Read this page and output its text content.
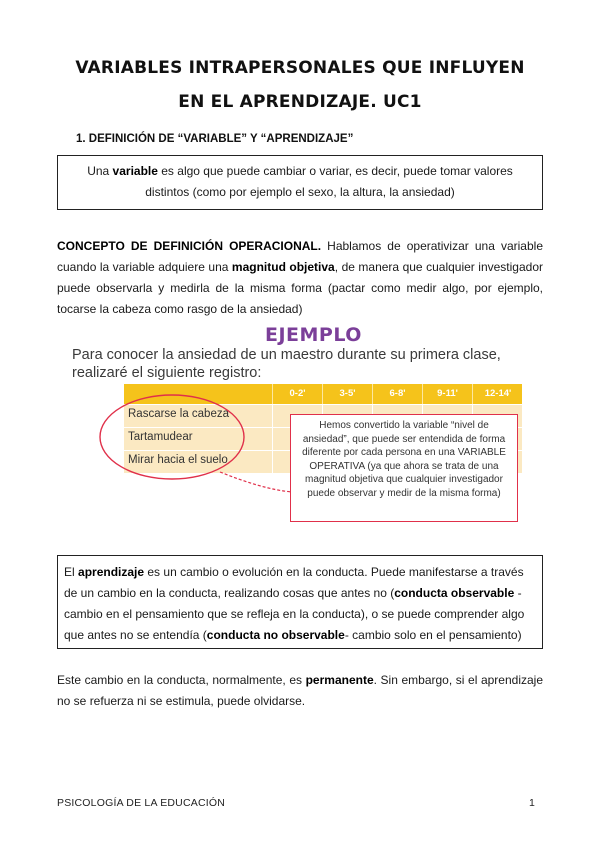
VARIABLES INTRAPERSONALES QUE INFLUYEN
EN EL APRENDIZAJE. UC1
1. DEFINICIÓN DE “VARIABLE” Y “APRENDIZAJE”
Una variable es algo que puede cambiar o variar, es decir, puede tomar valores distintos (como por ejemplo el sexo, la altura, la ansiedad)
CONCEPTO DE DEFINICIÓN OPERACIONAL. Hablamos de operativizar una variable cuando la variable adquiere una magnitud objetiva, de manera que cualquier investigador puede observarla y medirla de la misma forma (pactar como medir algo, por ejemplo, tocarse la cabeza como rasgo de la ansiedad)
EJEMPLO
Para conocer la ansiedad de un maestro durante su primera clase, realizaré el siguiente registro:
0-2'	3-5'	6-8'	9-11'	12-14'
Rascarse la cabeza
Tartamudear
Mirar hacia el suelo
Hemos convertido la variable “nivel de ansiedad”, que puede ser entendida de forma diferente por cada persona en una VARIABLE OPERATIVA (ya que ahora se trata de una magnitud objetiva que cualquier investigador puede observar y medir de la misma forma)
El aprendizaje es un cambio o evolución en la conducta. Puede manifestarse a través de un cambio en la conducta, realizando cosas que antes no (conducta observable - cambio en el pensamiento que se refleja en la conducta), o se puede comprender algo que antes no se entendía (conducta no observable- cambio solo en el pensamiento)
Este cambio en la conducta, normalmente, es permanente. Sin embargo, si el aprendizaje no se refuerza ni se estimula, puede olvidarse.
PSICOLOGÍA DE LA EDUCACIÓN	1
